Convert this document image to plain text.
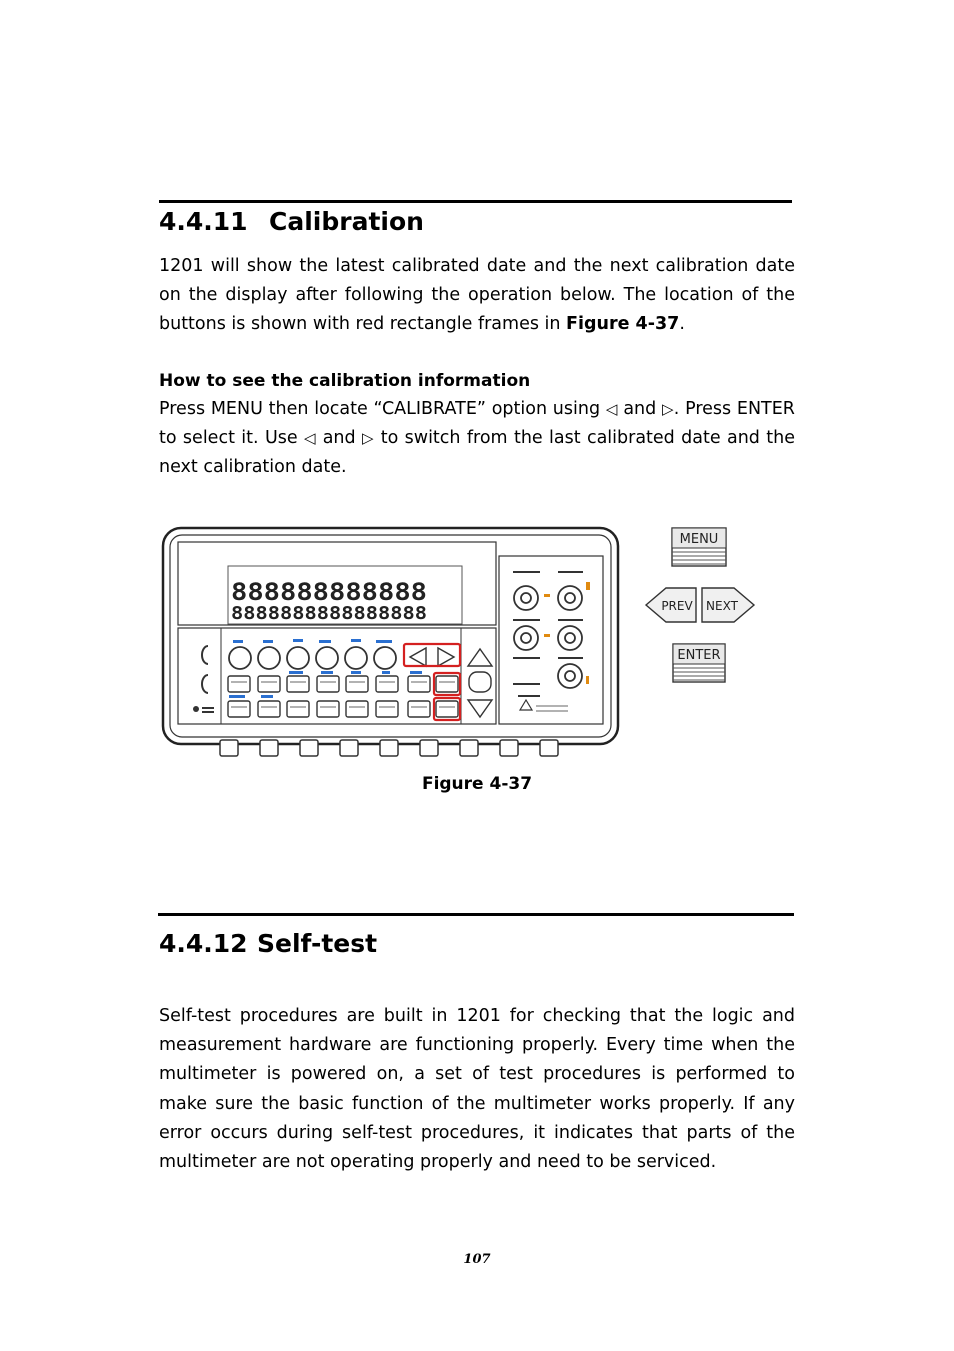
4.4.11 Calibration

1201 will show the latest calibrated date and the next calibration date on the display after following the operation below. The location of the buttons is shown with red rectangle frames in Figure 4-37.

How to see the calibration information

Press MENU then locate “CALIBRATE” option using ◁ and ▷. Press ENTER to select it. Use ◁ and ▷ to switch from the last calibrated date and the next calibration date.

888888888888
8888888888888888
MENU
PREV NEXT
ENTER
Figure 4-37
4.4.12 Self-test

Self-test procedures are built in 1201 for checking that the logic and measurement hardware are functioning properly. Every time when the multimeter is powered on, a set of test procedures is performed to make sure the basic function of the multimeter works properly. If any error occurs during self-test procedures, it indicates that parts of the multimeter are not operating properly and need to be serviced.

107
